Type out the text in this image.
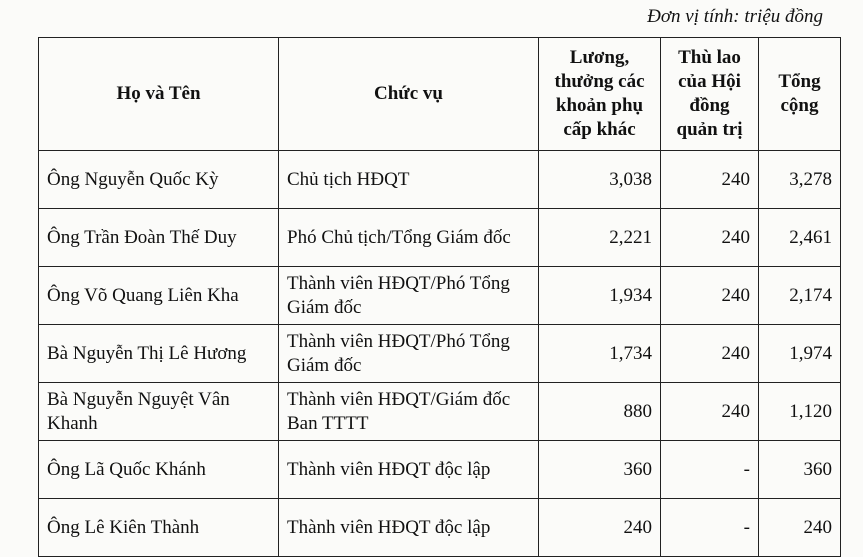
Đơn vị tính: triệu đồng
Họ và Tên	Chức vụ	Lương, thưởng các khoản phụ cấp khác	Thù lao của Hội đồng quản trị	Tổng cộng
Ông Nguyễn Quốc Kỳ	Chủ tịch HĐQT	3,038	240	3,278
Ông Trần Đoàn Thế Duy	Phó Chủ tịch/Tổng Giám đốc	2,221	240	2,461
Ông Võ Quang Liên Kha	Thành viên HĐQT/Phó Tổng Giám đốc	1,934	240	2,174
Bà Nguyễn Thị Lê Hương	Thành viên HĐQT/Phó Tổng Giám đốc	1,734	240	1,974
Bà Nguyễn Nguyệt Vân Khanh	Thành viên HĐQT/Giám đốc Ban TTTT	880	240	1,120
Ông Lã Quốc Khánh	Thành viên HĐQT độc lập	360	-	360
Ông Lê Kiên Thành	Thành viên HĐQT độc lập	240	-	240
